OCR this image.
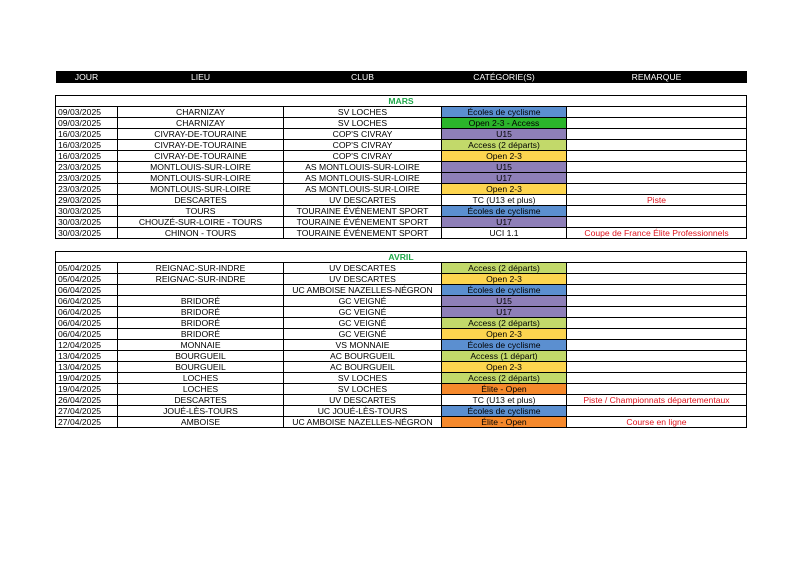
JOUR	LIEU	CLUB	CATÉGORIE(S)	REMARQUE

MARS				
09/03/2025	CHARNIZAY	SV LOCHES	Écoles de cyclisme	
09/03/2025	CHARNIZAY	SV LOCHES	Open 2-3 - Access	
16/03/2025	CIVRAY-DE-TOURAINE	COP'S CIVRAY	U15	
16/03/2025	CIVRAY-DE-TOURAINE	COP'S CIVRAY	Access (2 départs)	
16/03/2025	CIVRAY-DE-TOURAINE	COP'S CIVRAY	Open 2-3	
23/03/2025	MONTLOUIS-SUR-LOIRE	AS MONTLOUIS-SUR-LOIRE	U15	
23/03/2025	MONTLOUIS-SUR-LOIRE	AS MONTLOUIS-SUR-LOIRE	U17	
23/03/2025	MONTLOUIS-SUR-LOIRE	AS MONTLOUIS-SUR-LOIRE	Open 2-3	
29/03/2025	DESCARTES	UV DESCARTES	TC (U13 et plus)	Piste
30/03/2025	TOURS	TOURAINE ÉVÉNEMENT SPORT	Écoles de cyclisme	
30/03/2025	CHOUZÉ-SUR-LOIRE - TOURS	TOURAINE ÉVÉNEMENT SPORT	U17	
30/03/2025	CHINON - TOURS	TOURAINE ÉVÉNEMENT SPORT	UCI 1.1	Coupe de France Élite Professionnels

AVRIL				
05/04/2025	REIGNAC-SUR-INDRE	UV DESCARTES	Access (2 départs)	
05/04/2025	REIGNAC-SUR-INDRE	UV DESCARTES	Open 2-3	
06/04/2025		UC AMBOISE NAZELLES-NÉGRON	Écoles de cyclisme	
06/04/2025	BRIDORÉ	GC VEIGNÉ	U15	
06/04/2025	BRIDORÉ	GC VEIGNÉ	U17	
06/04/2025	BRIDORÉ	GC VEIGNÉ	Access (2 départs)	
06/04/2025	BRIDORÉ	GC VEIGNÉ	Open 2-3	
12/04/2025	MONNAIE	VS MONNAIE	Écoles de cyclisme	
13/04/2025	BOURGUEIL	AC BOURGUEIL	Access (1 départ)	
13/04/2025	BOURGUEIL	AC BOURGUEIL	Open 2-3	
19/04/2025	LOCHES	SV LOCHES	Access (2 départs)	
19/04/2025	LOCHES	SV LOCHES	Élite - Open	
26/04/2025	DESCARTES	UV DESCARTES	TC (U13 et plus)	Piste / Championnats départementaux
27/04/2025	JOUÉ-LÈS-TOURS	UC JOUÉ-LÈS-TOURS	Écoles de cyclisme	
27/04/2025	AMBOISE	UC AMBOISE NAZELLES-NÉGRON	Élite - Open	Course en ligne
